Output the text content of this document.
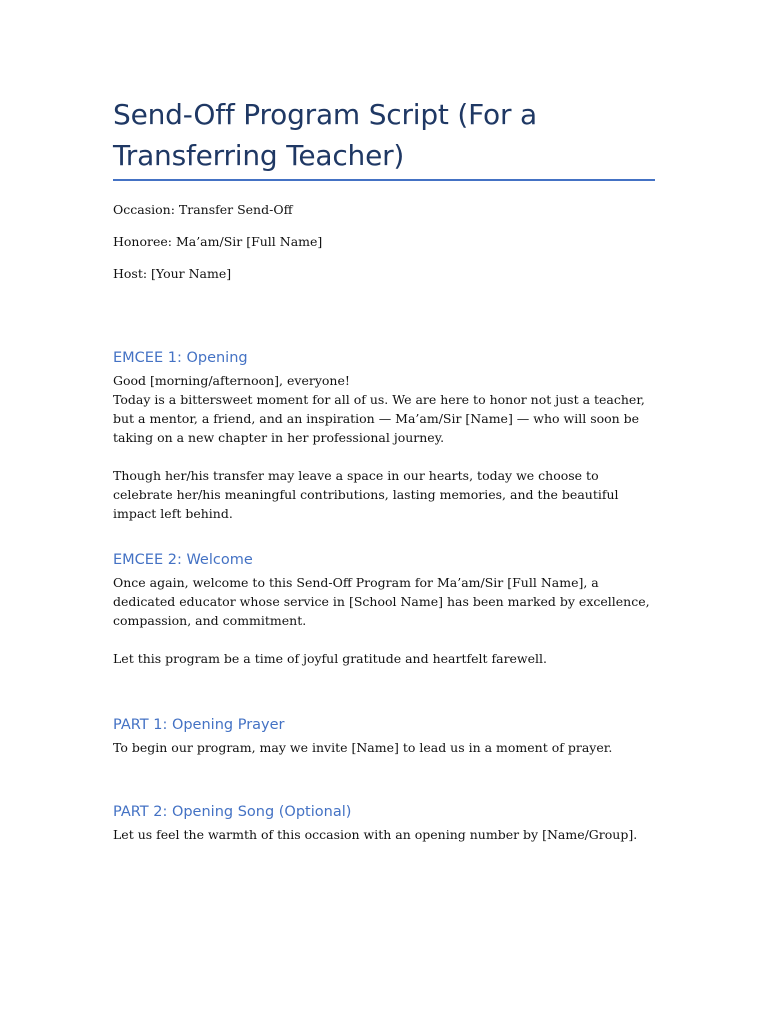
Send-Off Program Script (For a Transferring Teacher)

Occasion: Transfer Send-Off

Honoree: Ma’am/Sir [Full Name]

Host: [Your Name]

EMCEE 1: Opening

Good [morning/afternoon], everyone!

Today is a bittersweet moment for all of us. We are here to honor not just a teacher, but a mentor, a friend, and an inspiration — Ma’am/Sir [Name] — who will soon be taking on a new chapter in her professional journey.

Though her/his transfer may leave a space in our hearts, today we choose to celebrate her/his meaningful contributions, lasting memories, and the beautiful impact left behind.

EMCEE 2: Welcome

Once again, welcome to this Send-Off Program for Ma’am/Sir [Full Name], a dedicated educator whose service in [School Name] has been marked by excellence, compassion, and commitment.

Let this program be a time of joyful gratitude and heartfelt farewell.

PART 1: Opening Prayer

To begin our program, may we invite [Name] to lead us in a moment of prayer.

PART 2: Opening Song (Optional)

Let us feel the warmth of this occasion with an opening number by [Name/Group].
